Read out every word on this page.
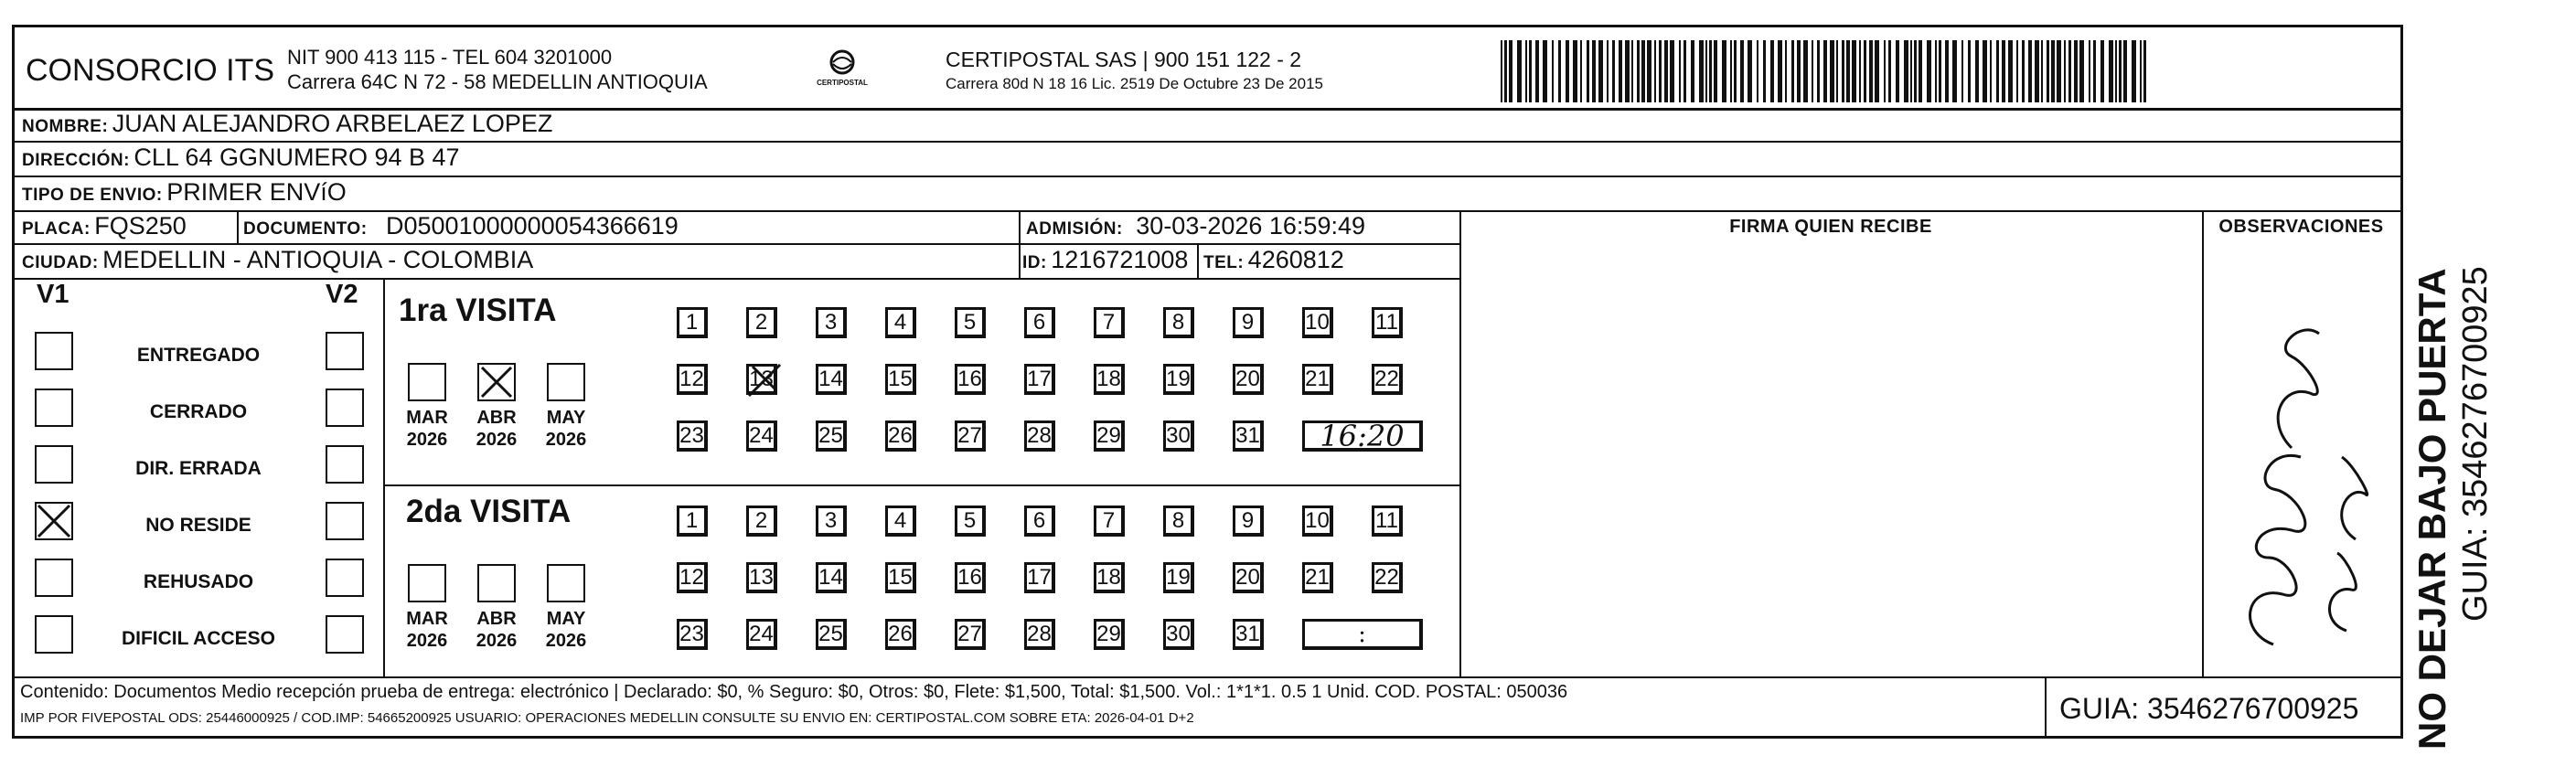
CONSORCIO ITS NIT 900 413 115 - TEL 604 3201000
Carrera 64C N 72 - 58 MEDELLIN ANTIOQUIA	CERTIPOSTAL
CERTIPOSTAL SAS | 900 151 122 - 2
Carrera 80d N 18 16 Lic. 2519 De Octubre 23 De 2015
NOMBRE: JUAN ALEJANDRO ARBELAEZ LOPEZ
DIRECCIÓN: CLL 64 GGNUMERO 94 B 47
TIPO DE ENVIO: PRIMER ENVíO
PLACA: FQS250	DOCUMENTO: D05001000000054366619	ADMISIÓN: 30-03-2026 16:59:49
CIUDAD: MEDELLIN - ANTIOQUIA - COLOMBIA	ID: 1216721008 TEL: 4260812
FIRMA QUIEN RECIBE	OBSERVACIONES
V1	V2 1ra VISITA
2da VISITA
Contenido: Documentos Medio recepción prueba de entrega: electrónico | Declarado: $0, % Seguro: $0, Otros: $0, Flete: $1,500, Total: $1,500. Vol.: 1*1*1. 0.5 1 Unid. COD. POSTAL: 050036
IMP POR FIVEPOSTAL ODS: 25446000925 / COD.IMP: 54665200925 USUARIO: OPERACIONES MEDELLIN CONSULTE SU ENVIO EN: CERTIPOSTAL.COM SOBRE ETA: 2026-04-01 D+2	GUIA: 3546276700925
ENTREGADO
CERRADO
DIR. ERRADA
NO RESIDE
REHUSADO
DIFICIL ACCESO
MAR
2026
ABR
2026
MAY
2026
MAR
2026
ABR
2026
MAY
2026
1	2	3	4	5	6	7	8	9	10 11
12 13 14 15 16 17 18 19 20 21 22
23 24 25 26 27 28 29 30 31	16:20
1	2	3	4	5	6	7	8	9	10 11
12 13 14 15 16 17 18 19 20 21 22
23 24 25 26 27 28 29 30 31	:	NO DEJAR BAJO PUERTA GUIA: 3546276700925
